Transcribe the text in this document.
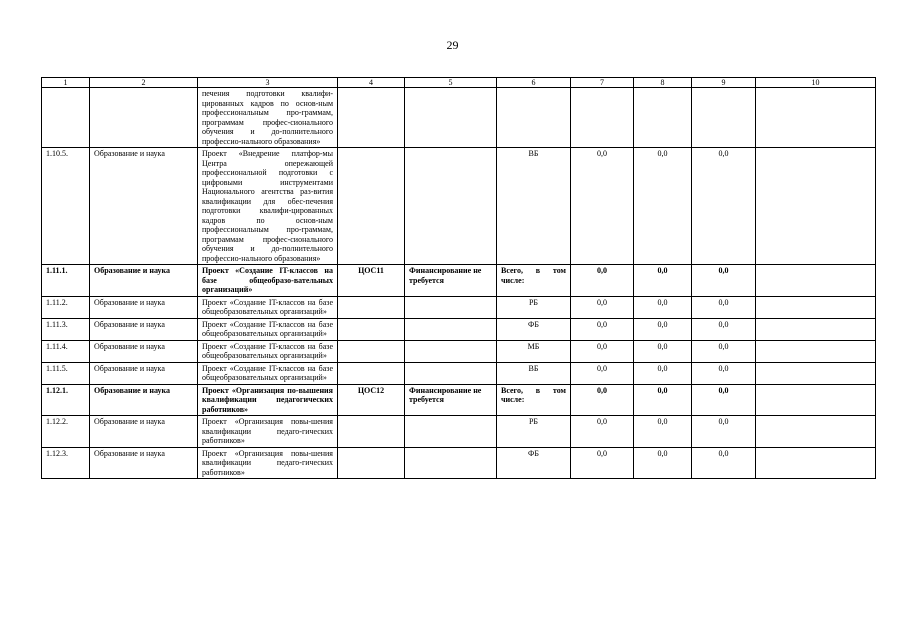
29
1	2	3	4	5	6	7	8	9	10
		печения подготовки квалифи-цированных кадров по основ-ным профессиональным про-граммам, программам профес-сионального обучения и до-полнительного профессио-нального образования»							
1.10.5.	Образование и наука	Проект «Внедрение платфор-мы Центра опережающей профессиональной подготовки с цифровыми инструментами Национального агентства раз-вития квалификации для обес-печения подготовки квалифи-цированных кадров по основ-ным профессиональным про-граммам, программам профес-сионального обучения и до-полнительного профессио-нального образования»			ВБ	0,0	0,0	0,0	
1.11.1.	Образование и наука	Проект «Создание IT-классов на базе общеобразо-вательных организаций»	ЦОС11	Финансирование не требуется	Всего, в том числе:	0,0	0,0	0,0	
1.11.2.	Образование и наука	Проект «Создание IT-классов на базе общеобразовательных организаций»			РБ	0,0	0,0	0,0	
1.11.3.	Образование и наука	Проект «Создание IT-классов на базе общеобразовательных организаций»			ФБ	0,0	0,0	0,0	
1.11.4.	Образование и наука	Проект «Создание IT-классов на базе общеобразовательных организаций»			МБ	0,0	0,0	0,0	
1.11.5.	Образование и наука	Проект «Создание IT-классов на базе общеобразовательных организаций»			ВБ	0,0	0,0	0,0	
1.12.1.	Образование и наука	Проект «Организация по-вышения квалификации педагогических работников»	ЦОС12	Финансирование не требуется	Всего, в том числе:	0,0	0,0	0,0	
1.12.2.	Образование и наука	Проект «Организация повы-шения квалификации педаго-гических работников»			РБ	0,0	0,0	0,0	
1.12.3.	Образование и наука	Проект «Организация повы-шения квалификации педаго-гических работников»			ФБ	0,0	0,0	0,0	
